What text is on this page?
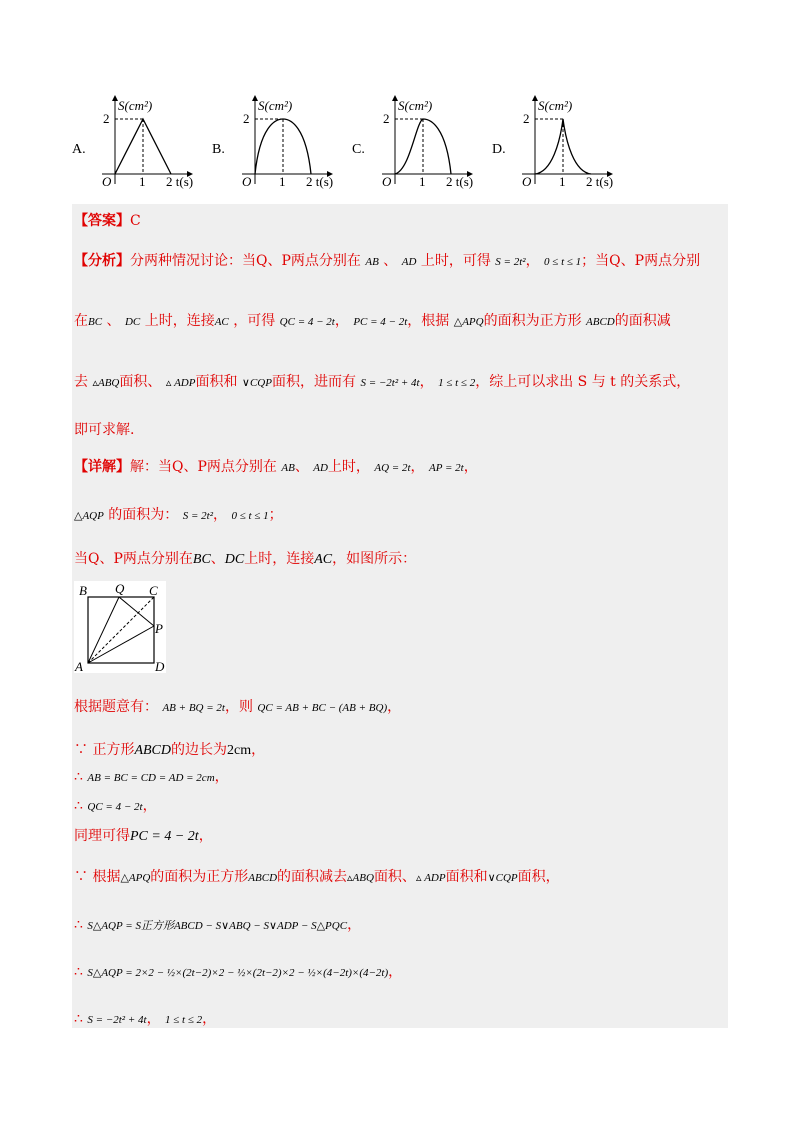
A.
S(cm²)
2
O 1 2 t(s)
B.
S(cm²)
2
O 1 2 t(s)
C.
S(cm²)
2
O 1 2 t(s)
D.
S(cm²)
2
O 1 2 t(s)
【答案】C
【分析】分两种情况讨论：当Q、P两点分别在 AB 、 AD 上时，可得 S = 2t²， 0 ≤ t ≤ 1；当Q、P两点分别
在BC 、 DC 上时，连接AC ，可得 QC = 4 − 2t， PC = 4 − 2t，根据 △APQ的面积为正方形 ABCD的面积减
去 ▵ABQ面积、 ▵ ADP面积和 ∨CQP面积，进而有 S = −2t² + 4t， 1 ≤ t ≤ 2，综上可以求出 S 与 t 的关系式，
即可求解.
【详解】解：当Q、P两点分别在 AB、 AD上时， AQ = 2t， AP = 2t，
△AQP 的面积为： S = 2t²， 0 ≤ t ≤ 1；
当Q、P两点分别在BC、DC上时，连接AC，如图所示：
B Q C
P
A	D
根据题意有： AB + BQ = 2t，则 QC = AB + BC − (AB + BQ)，
∵ 正方形ABCD的边长为2cm，
∴ AB = BC = CD = AD = 2cm，
∴ QC = 4 − 2t，
同理可得PC = 4 − 2t，
∵ 根据△APQ的面积为正方形ABCD的面积减去▵ABQ面积、▵ ADP面积和∨CQP面积，
∴ S△AQP = S正方形ABCD − S∨ABQ − S∨ADP − S△PQC，
∴ S△AQP = 2×2 − ½×(2t−2)×2 − ½×(2t−2)×2 − ½×(4−2t)×(4−2t)，
∴ S = −2t² + 4t， 1 ≤ t ≤ 2，
